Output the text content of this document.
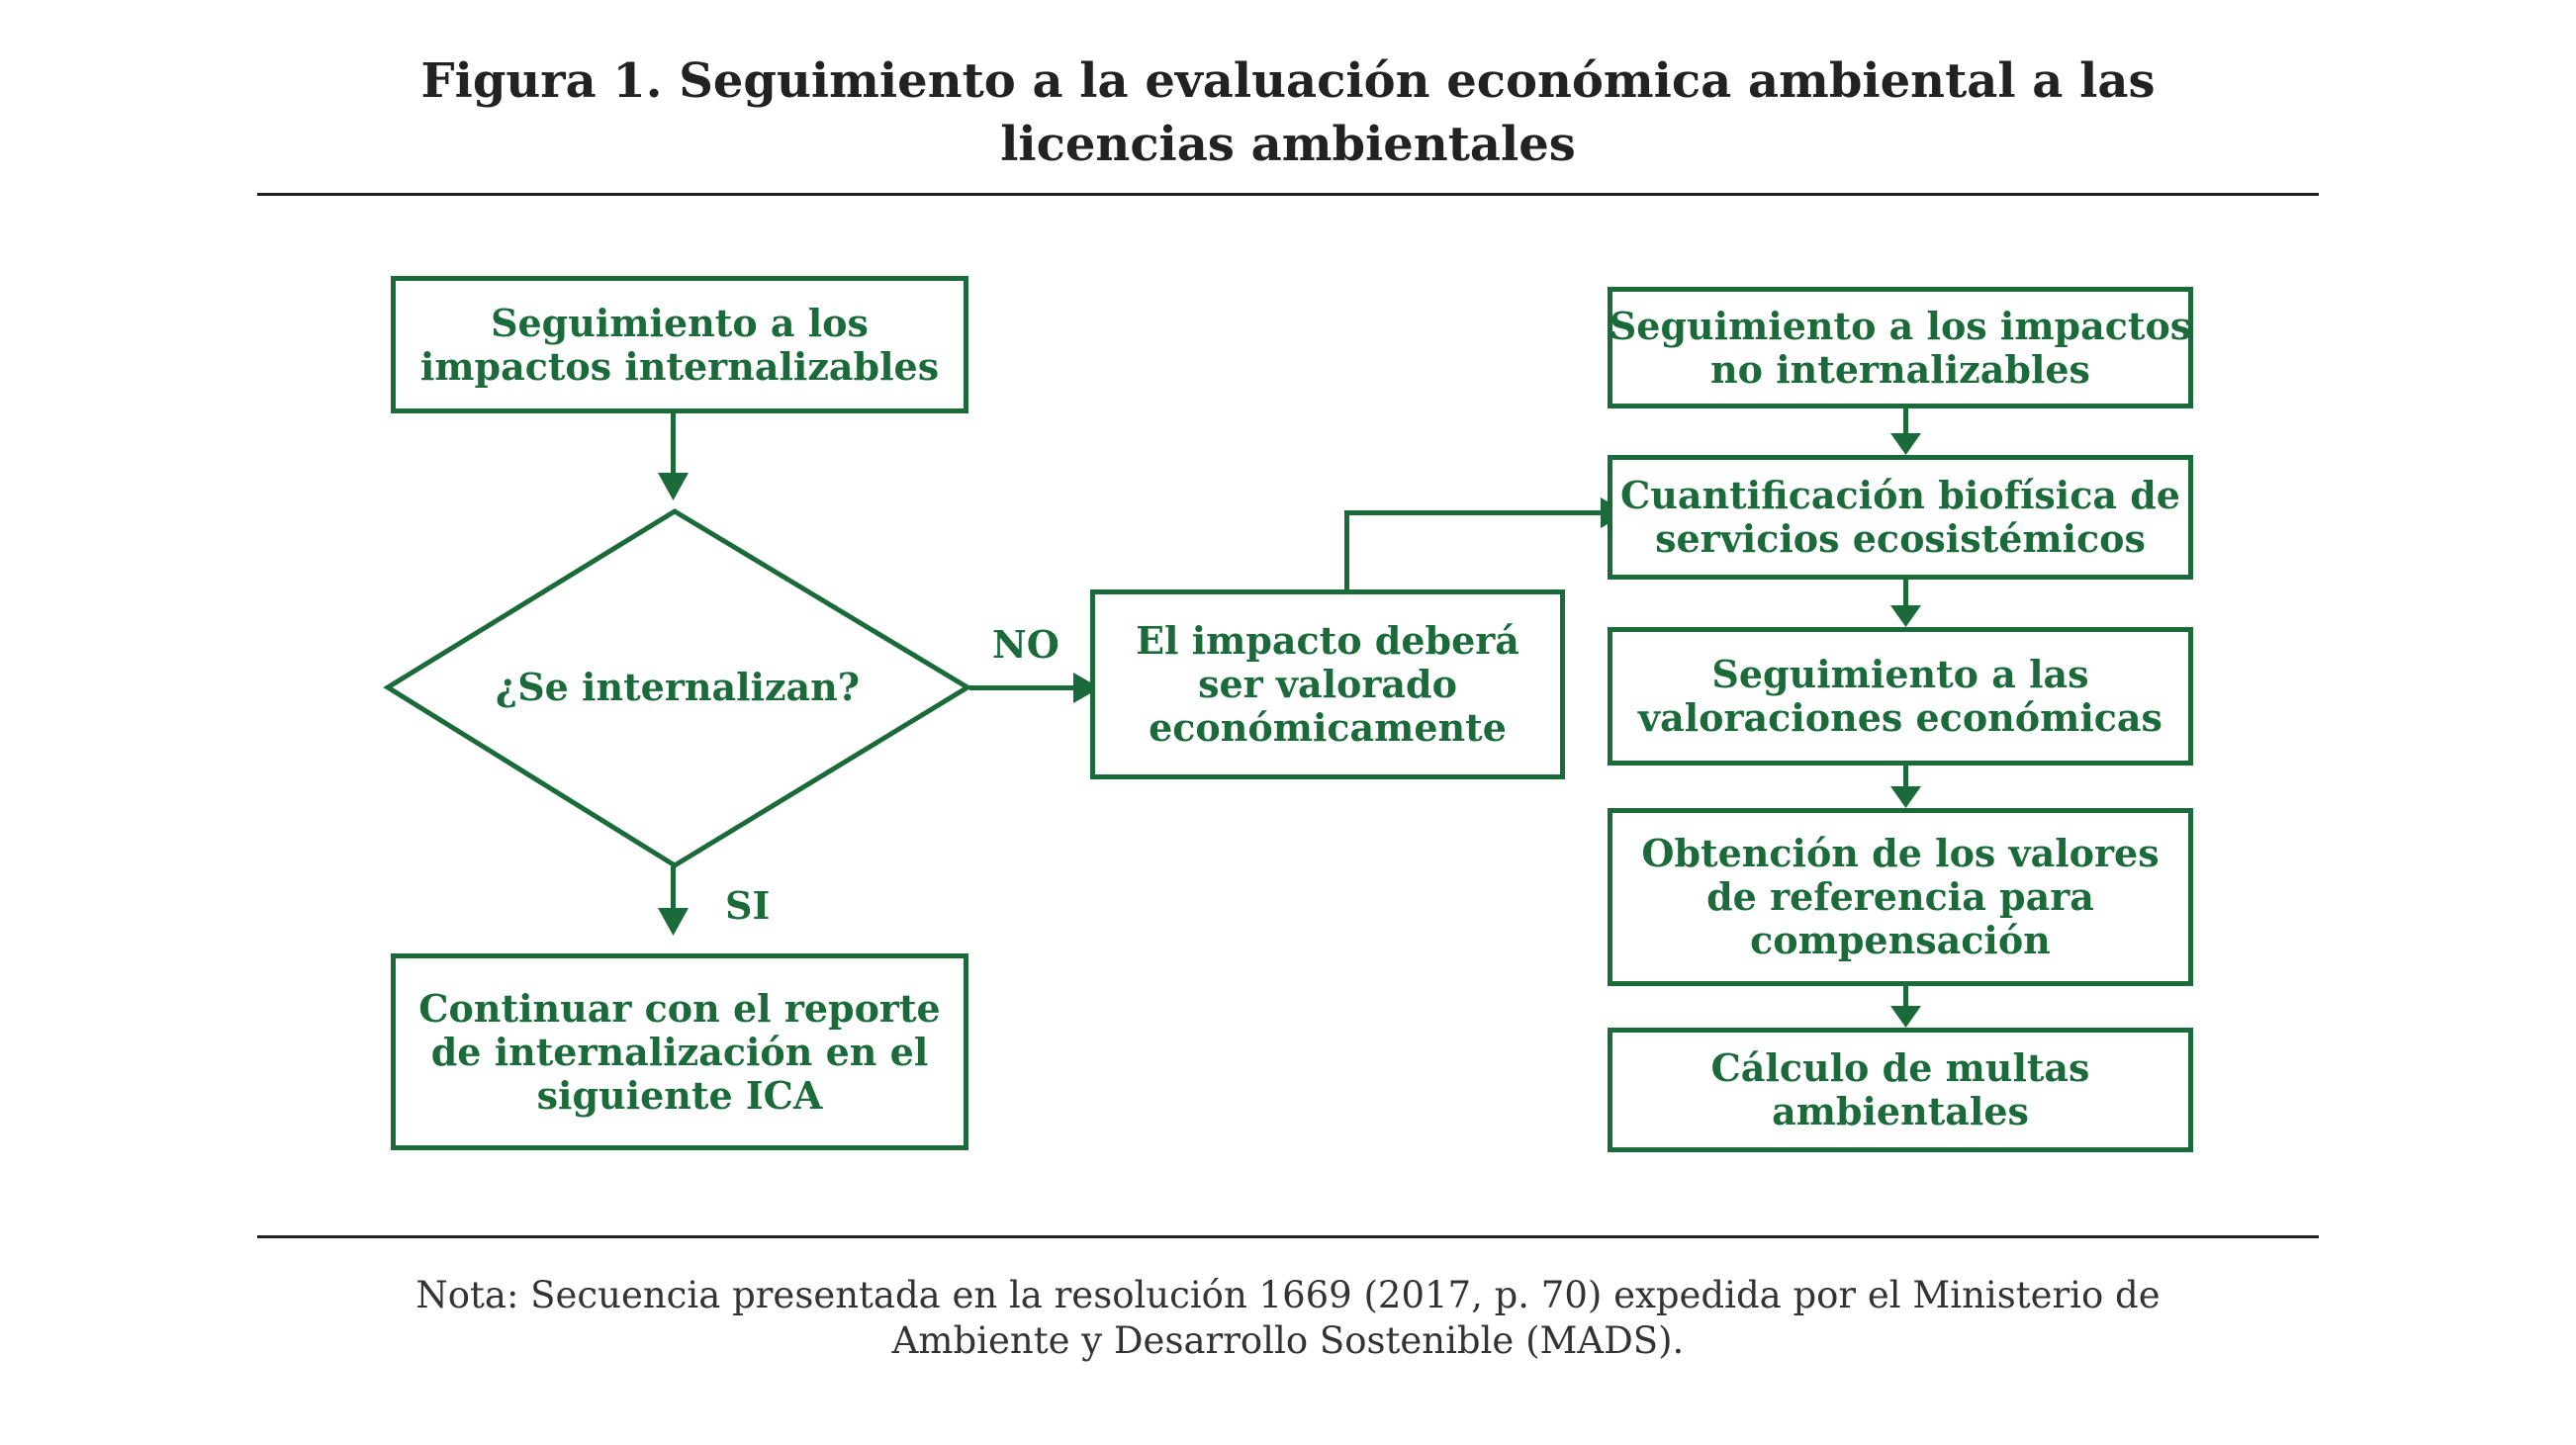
Figura 1. Seguimiento a la evaluación económica ambiental a las
licencias ambientales
Seguimiento a los
impactos internalizables
¿Se internalizan?
SI
NO
Continuar con el reporte
de internalización en el
siguiente ICA
El impacto deberá
ser valorado
económicamente
Seguimiento a los impactos
no internalizables
Cuantificación biofísica de
servicios ecosistémicos
Seguimiento a las
valoraciones económicas
Obtención de los valores
de referencia para
compensación
Cálculo de multas
ambientales
Nota: Secuencia presentada en la resolución 1669 (2017, p. 70) expedida por el Ministerio de
Ambiente y Desarrollo Sostenible (MADS).
